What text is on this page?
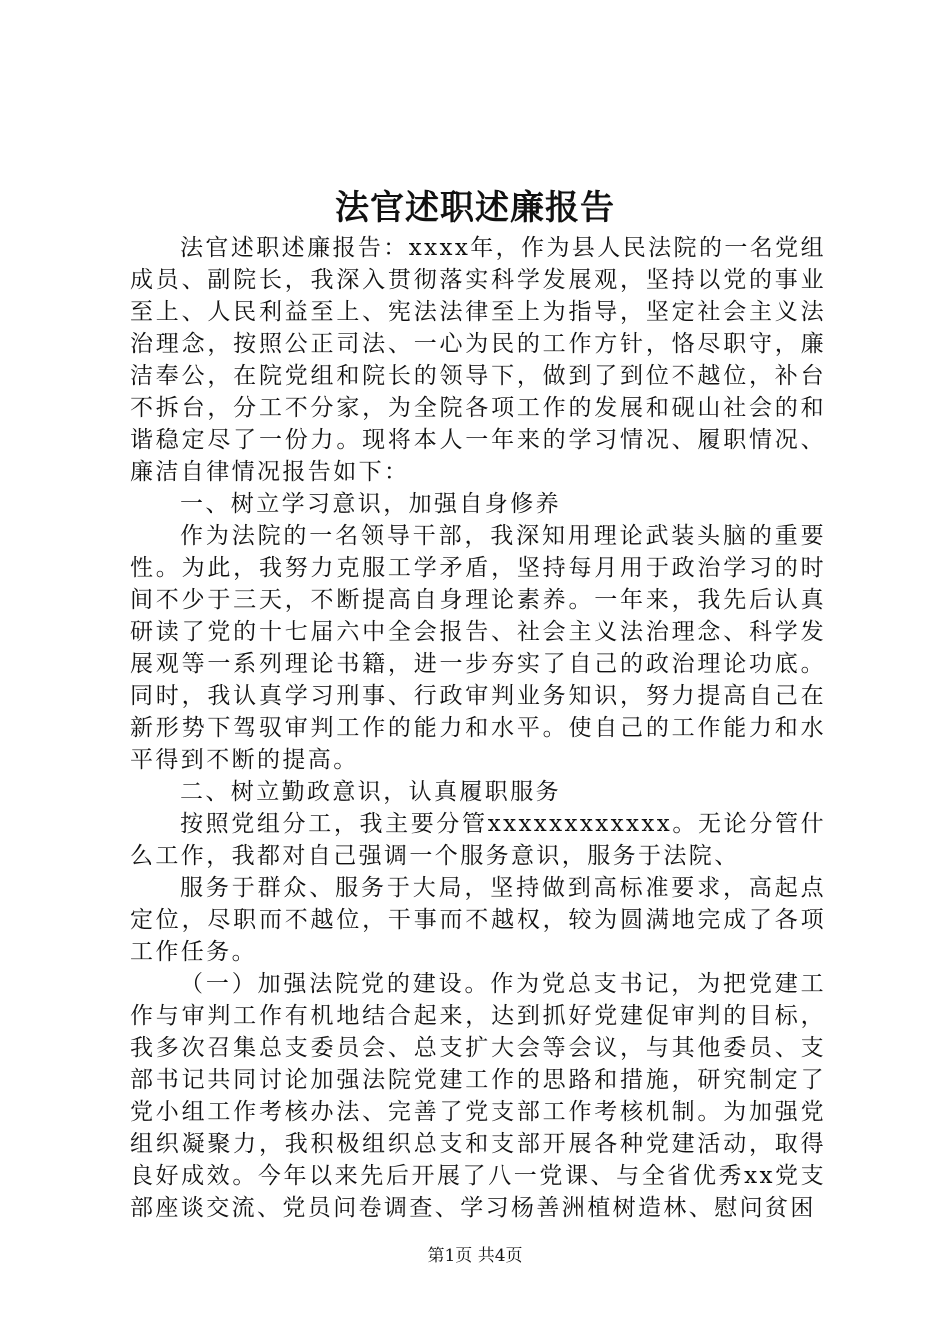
法官述职述廉报告

法官述职述廉报告：xxxx年，作为县人民法院的一名党组成员、副院长，我深入贯彻落实科学发展观，坚持以党的事业至上、人民利益至上、宪法法律至上为指导，坚定社会主义法治理念，按照公正司法、一心为民的工作方针，恪尽职守，廉洁奉公，在院党组和院长的领导下，做到了到位不越位，补台不拆台，分工不分家，为全院各项工作的发展和砚山社会的和谐稳定尽了一份力。现将本人一年来的学习情况、履职情况、廉洁自律情况报告如下：

一、树立学习意识，加强自身修养

作为法院的一名领导干部，我深知用理论武装头脑的重要性。为此，我努力克服工学矛盾，坚持每月用于政治学习的时间不少于三天，不断提高自身理论素养。一年来，我先后认真研读了党的十七届六中全会报告、社会主义法治理念、科学发展观等一系列理论书籍，进一步夯实了自己的政治理论功底。同时，我认真学习刑事、行政审判业务知识，努力提高自己在新形势下驾驭审判工作的能力和水平。使自己的工作能力和水平得到不断的提高。

二、树立勤政意识，认真履职服务

按照党组分工，我主要分管xxxxxxxxxxxx。无论分管什么工作，我都对自己强调一个服务意识，服务于法院、

服务于群众、服务于大局，坚持做到高标准要求，高起点定位，尽职而不越位，干事而不越权，较为圆满地完成了各项工作任务。

（一）加强法院党的建设。作为党总支书记，为把党建工作与审判工作有机地结合起来，达到抓好党建促审判的目标，我多次召集总支委员会、总支扩大会等会议，与其他委员、支部书记共同讨论加强法院党建工作的思路和措施，研究制定了党小组工作考核办法、完善了党支部工作考核机制。为加强党组织凝聚力，我积极组织总支和支部开展各种党建活动，取得良好成效。今年以来先后开展了八一党课、与全省优秀xx党支部座谈交流、党员问卷调查、学习杨善洲植树造林、慰问贫困

第1页 共4页
